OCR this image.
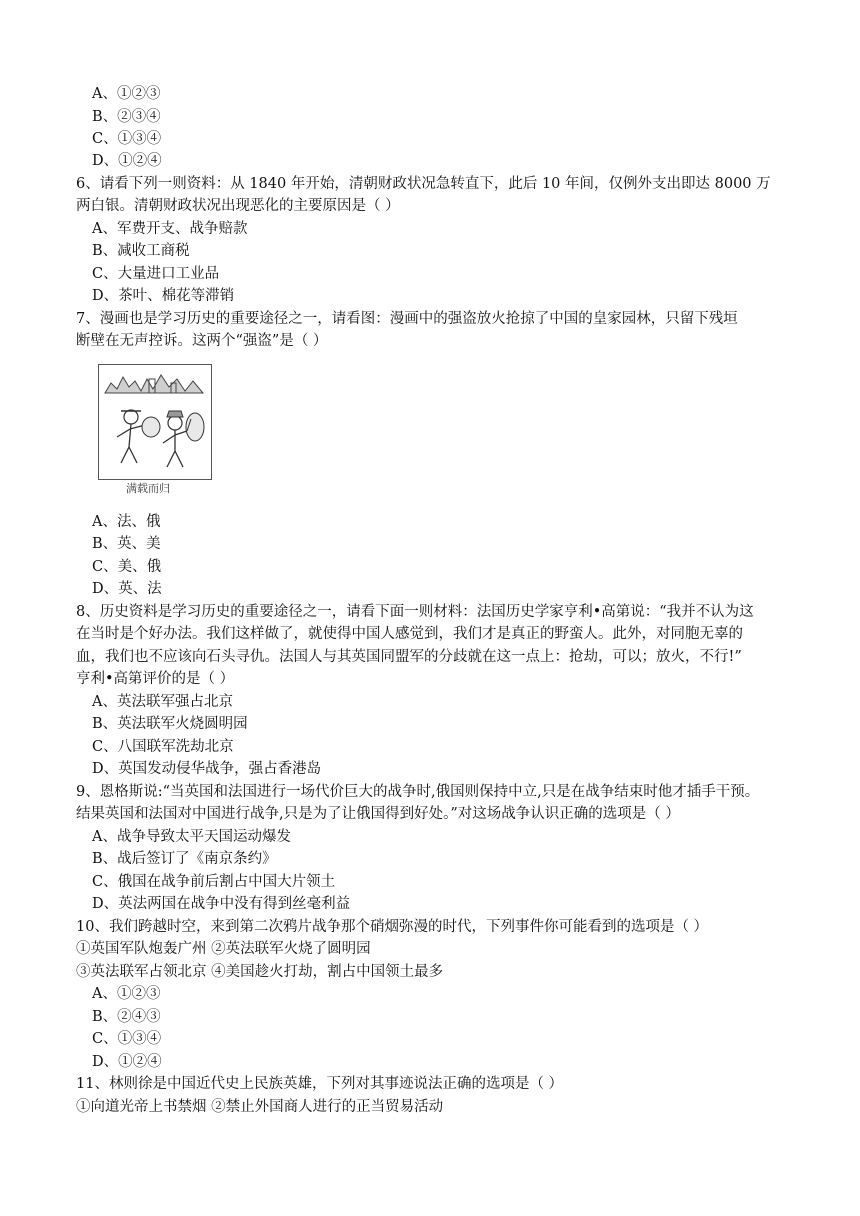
A、①②③
B、②③④
C、①③④
D、①②④
6、请看下列一则资料：从 1840 年开始，清朝财政状况急转直下，此后 10 年间，仅例外支出即达 8000 万
两白银。清朝财政状况出现恶化的主要原因是（ ）
A、军费开支、战争赔款
B、减收工商税
C、大量进口工业品
D、茶叶、棉花等滞销
7、漫画也是学习历史的重要途径之一，请看图：漫画中的强盗放火抢掠了中国的皇家园林，只留下残垣
断壁在无声控诉。这两个“强盗”是（ ）
满载而归
A、法、俄
B、英、美
C、美、俄
D、英、法
8、历史资料是学习历史的重要途径之一，请看下面一则材料：法国历史学家亨利•高第说：“我并不认为这
在当时是个好办法。我们这样做了，就使得中国人感觉到，我们才是真正的野蛮人。此外，对同胞无辜的
血，我们也不应该向石头寻仇。法国人与其英国同盟军的分歧就在这一点上：抢劫，可以；放火，不行!”
亨利•高第评价的是（ ）
A、英法联军强占北京
B、英法联军火烧圆明园
C、八国联军洗劫北京
D、英国发动侵华战争，强占香港岛
9、恩格斯说:“当英国和法国进行一场代价巨大的战争时,俄国则保持中立,只是在战争结束时他才插手干预。
结果英国和法国对中国进行战争,只是为了让俄国得到好处。”对这场战争认识正确的选项是（ ）
A、战争导致太平天国运动爆发
B、战后签订了《南京条约》
C、俄国在战争前后割占中国大片领土
D、英法两国在战争中没有得到丝毫利益
10、我们跨越时空，来到第二次鸦片战争那个硝烟弥漫的时代，下列事件你可能看到的选项是（ ）
①英国军队炮轰广州 ②英法联军火烧了圆明园
③英法联军占领北京 ④美国趁火打劫，割占中国领土最多
A、①②③
B、②④③
C、①③④
D、①②④
11、林则徐是中国近代史上民族英雄，下列对其事迹说法正确的选项是（ ）
①向道光帝上书禁烟 ②禁止外国商人进行的正当贸易活动
